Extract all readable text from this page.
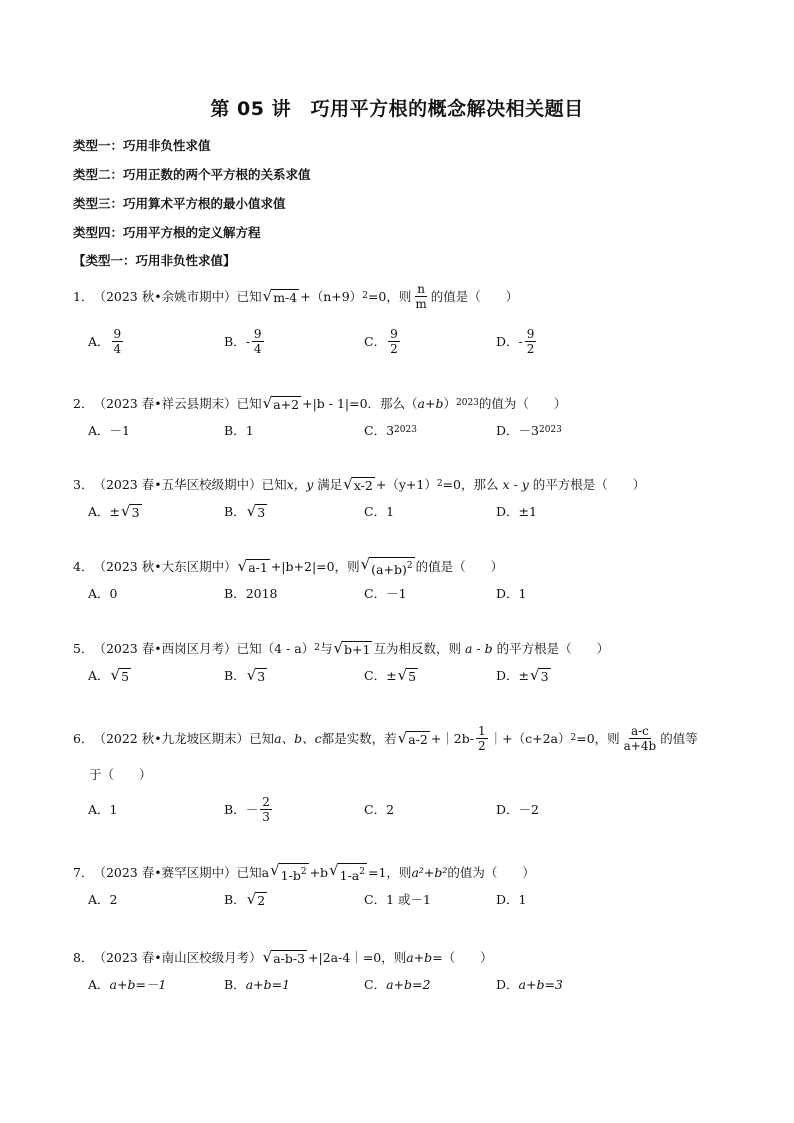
第 05 讲　巧用平方根的概念解决相关题目
类型一：巧用非负性求值
类型二：巧用正数的两个平方根的关系求值
类型三：巧用算术平方根的最小值求值
类型四：巧用平方根的定义解方程
【类型一：巧用非负性求值】
1． （2023 秋•余姚市期中） 已知 √ m-4 +（n+9） 2 =0，则 $\frac{n}{m}$ 的值是（　　）
A． $\frac{9}{4}$	B． - $\frac{9}{4}$	C． $\frac{9}{2}$	D． - $\frac{9}{2}$
2． （2023 春•祥云县期末） 已知 √ a+2 +|b - 1|=0．那么（ a+b ） 2023 的值为（　　）
A． －1	B． 1	C． 3 2023	D． －3 2023
3． （2023 春•五华区校级期中） 已知 x，y 满足 √ x-2 +（y+1） 2 =0，那么 x - y 的平方根是（　　）
A． ± √ 3	B． √ 3	C． 1	D． ±1
4． （2023 秋•大东区期中） √ a-1 +|b+2|=0，则 √ $(a+b)^2$ 的值是（　　）
A． 0	B． 2018	C． －1	D． 1
5． （2023 春•西岗区月考） 已知（4 - a） 2 与 √ b+1 互为相反数，则 a - b 的平方根是（　　）
A． √ 5	B． √ 3	C． ± √ 5	D． ± √ 3
6． （2022 秋•九龙坡区期末） 已知 a、b、c 都是实数，若 √ a-2 +｜2b- $\frac{1}{2}$ ｜+（c+2a） 2 =0，则 $\frac{a-c}{a+4b}$ 的值等
于（　　）
A． 1	B． － $\frac{2}{3}$	C． 2	D． －2
7． （2023 春•赛罕区期中） 已知 a √ $1-b^2 +b$ √ $1-a^2 =1$，则 a²+b² 的值为（　　）
A． 2	B． √ 2	C． 1 或－1	D． 1
8． （2023 春•南山区校级月考） √ a-b-3 +|2a-4｜=0，则 a+b =（　　）
A． a+b=－1	B． a+b=1	C． a+b=2	D． a+b=3
